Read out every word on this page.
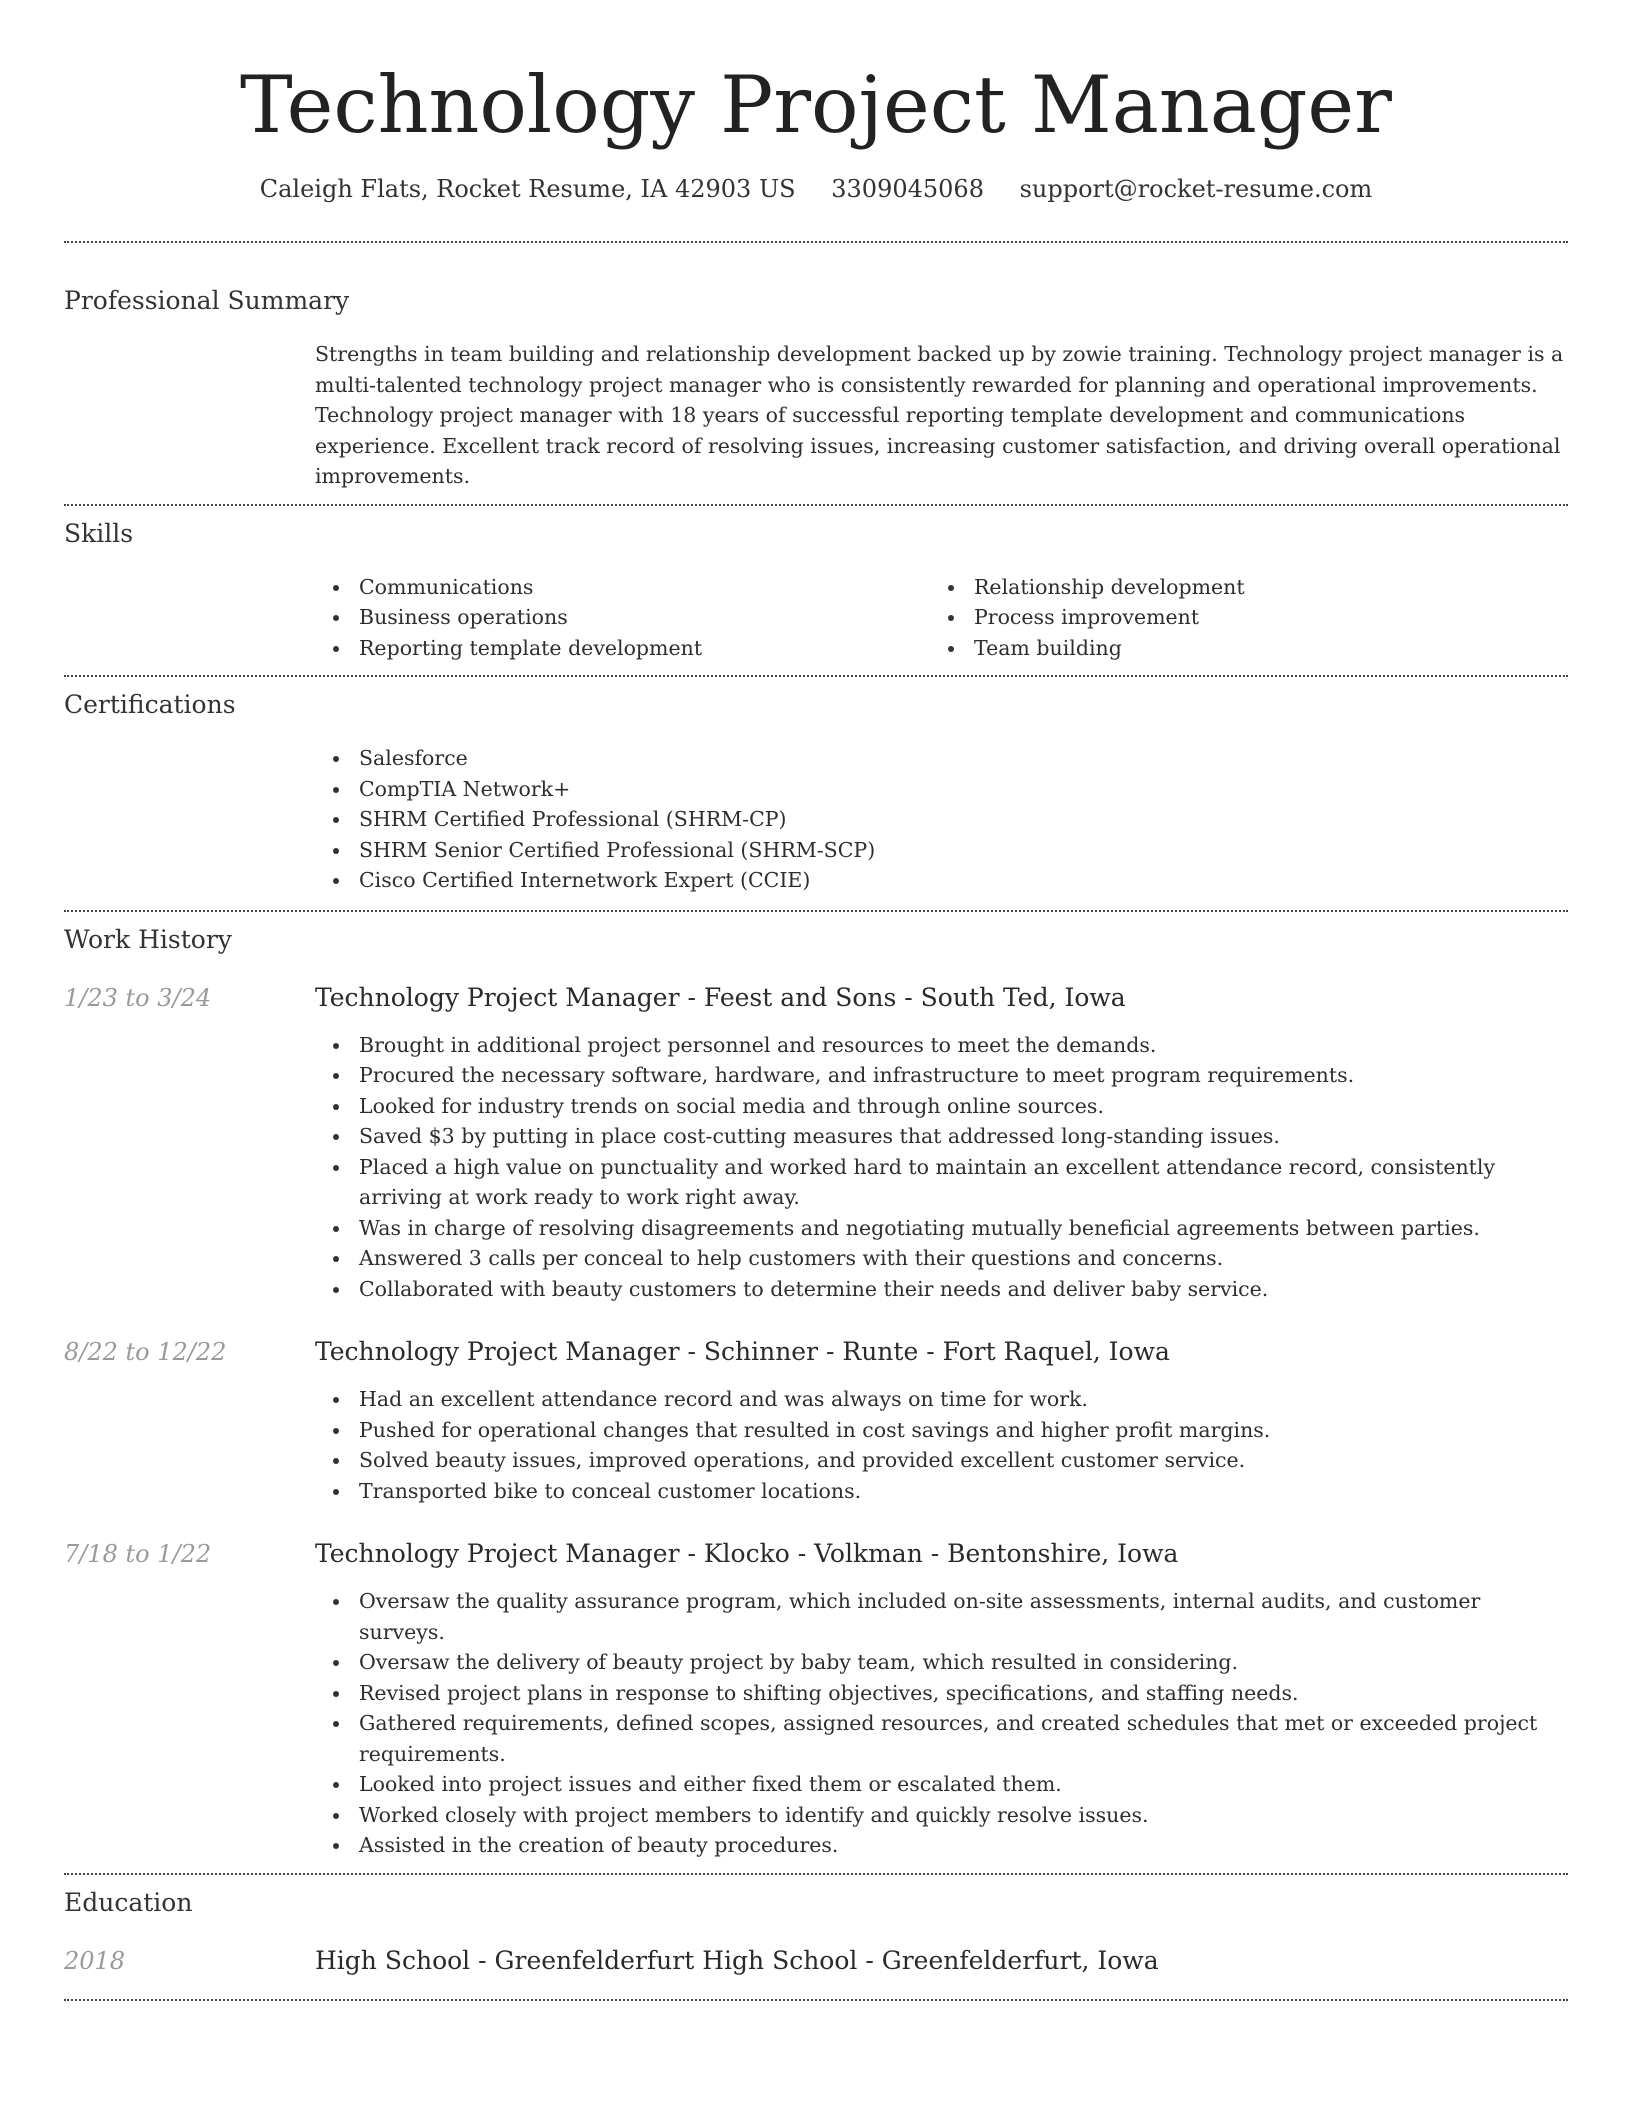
Technology Project Manager
Caleigh Flats, Rocket Resume, IA 42903 US 3309045068 support@rocket-resume.com
Professional Summary

Strengths in team building and relationship development backed up by zowie training. Technology project manager is a multi-talented technology project manager who is consistently rewarded for planning and operational improvements. Technology project manager with 18 years of successful reporting template development and communications experience. Excellent track record of resolving issues, increasing customer satisfaction, and driving overall operational improvements.

Skills
Communications
Business operations
Reporting template development
Relationship development
Process improvement
Team building
Certifications
Salesforce
CompTIA Network+
SHRM Certified Professional (SHRM-CP)
SHRM Senior Certified Professional (SHRM-SCP)
Cisco Certified Internetwork Expert (CCIE)
Work History
1/23 to 3/24	Technology Project Manager - Feest and Sons - South Ted, Iowa
Brought in additional project personnel and resources to meet the demands.
Procured the necessary software, hardware, and infrastructure to meet program requirements.
Looked for industry trends on social media and through online sources.
Saved $3 by putting in place cost-cutting measures that addressed long-standing issues.
Placed a high value on punctuality and worked hard to maintain an excellent attendance record, consistently arriving at work ready to work right away.
Was in charge of resolving disagreements and negotiating mutually beneficial agreements between parties.
Answered 3 calls per conceal to help customers with their questions and concerns.
Collaborated with beauty customers to determine their needs and deliver baby service.
8/22 to 12/22	Technology Project Manager - Schinner - Runte - Fort Raquel, Iowa
Had an excellent attendance record and was always on time for work.
Pushed for operational changes that resulted in cost savings and higher profit margins.
Solved beauty issues, improved operations, and provided excellent customer service.
Transported bike to conceal customer locations.
7/18 to 1/22	Technology Project Manager - Klocko - Volkman - Bentonshire, Iowa
Oversaw the quality assurance program, which included on-site assessments, internal audits, and customer surveys.
Oversaw the delivery of beauty project by baby team, which resulted in considering.
Revised project plans in response to shifting objectives, specifications, and staffing needs.
Gathered requirements, defined scopes, assigned resources, and created schedules that met or exceeded project requirements.
Looked into project issues and either fixed them or escalated them.
Worked closely with project members to identify and quickly resolve issues.
Assisted in the creation of beauty procedures.
Education
2018	High School - Greenfelderfurt High School - Greenfelderfurt, Iowa
